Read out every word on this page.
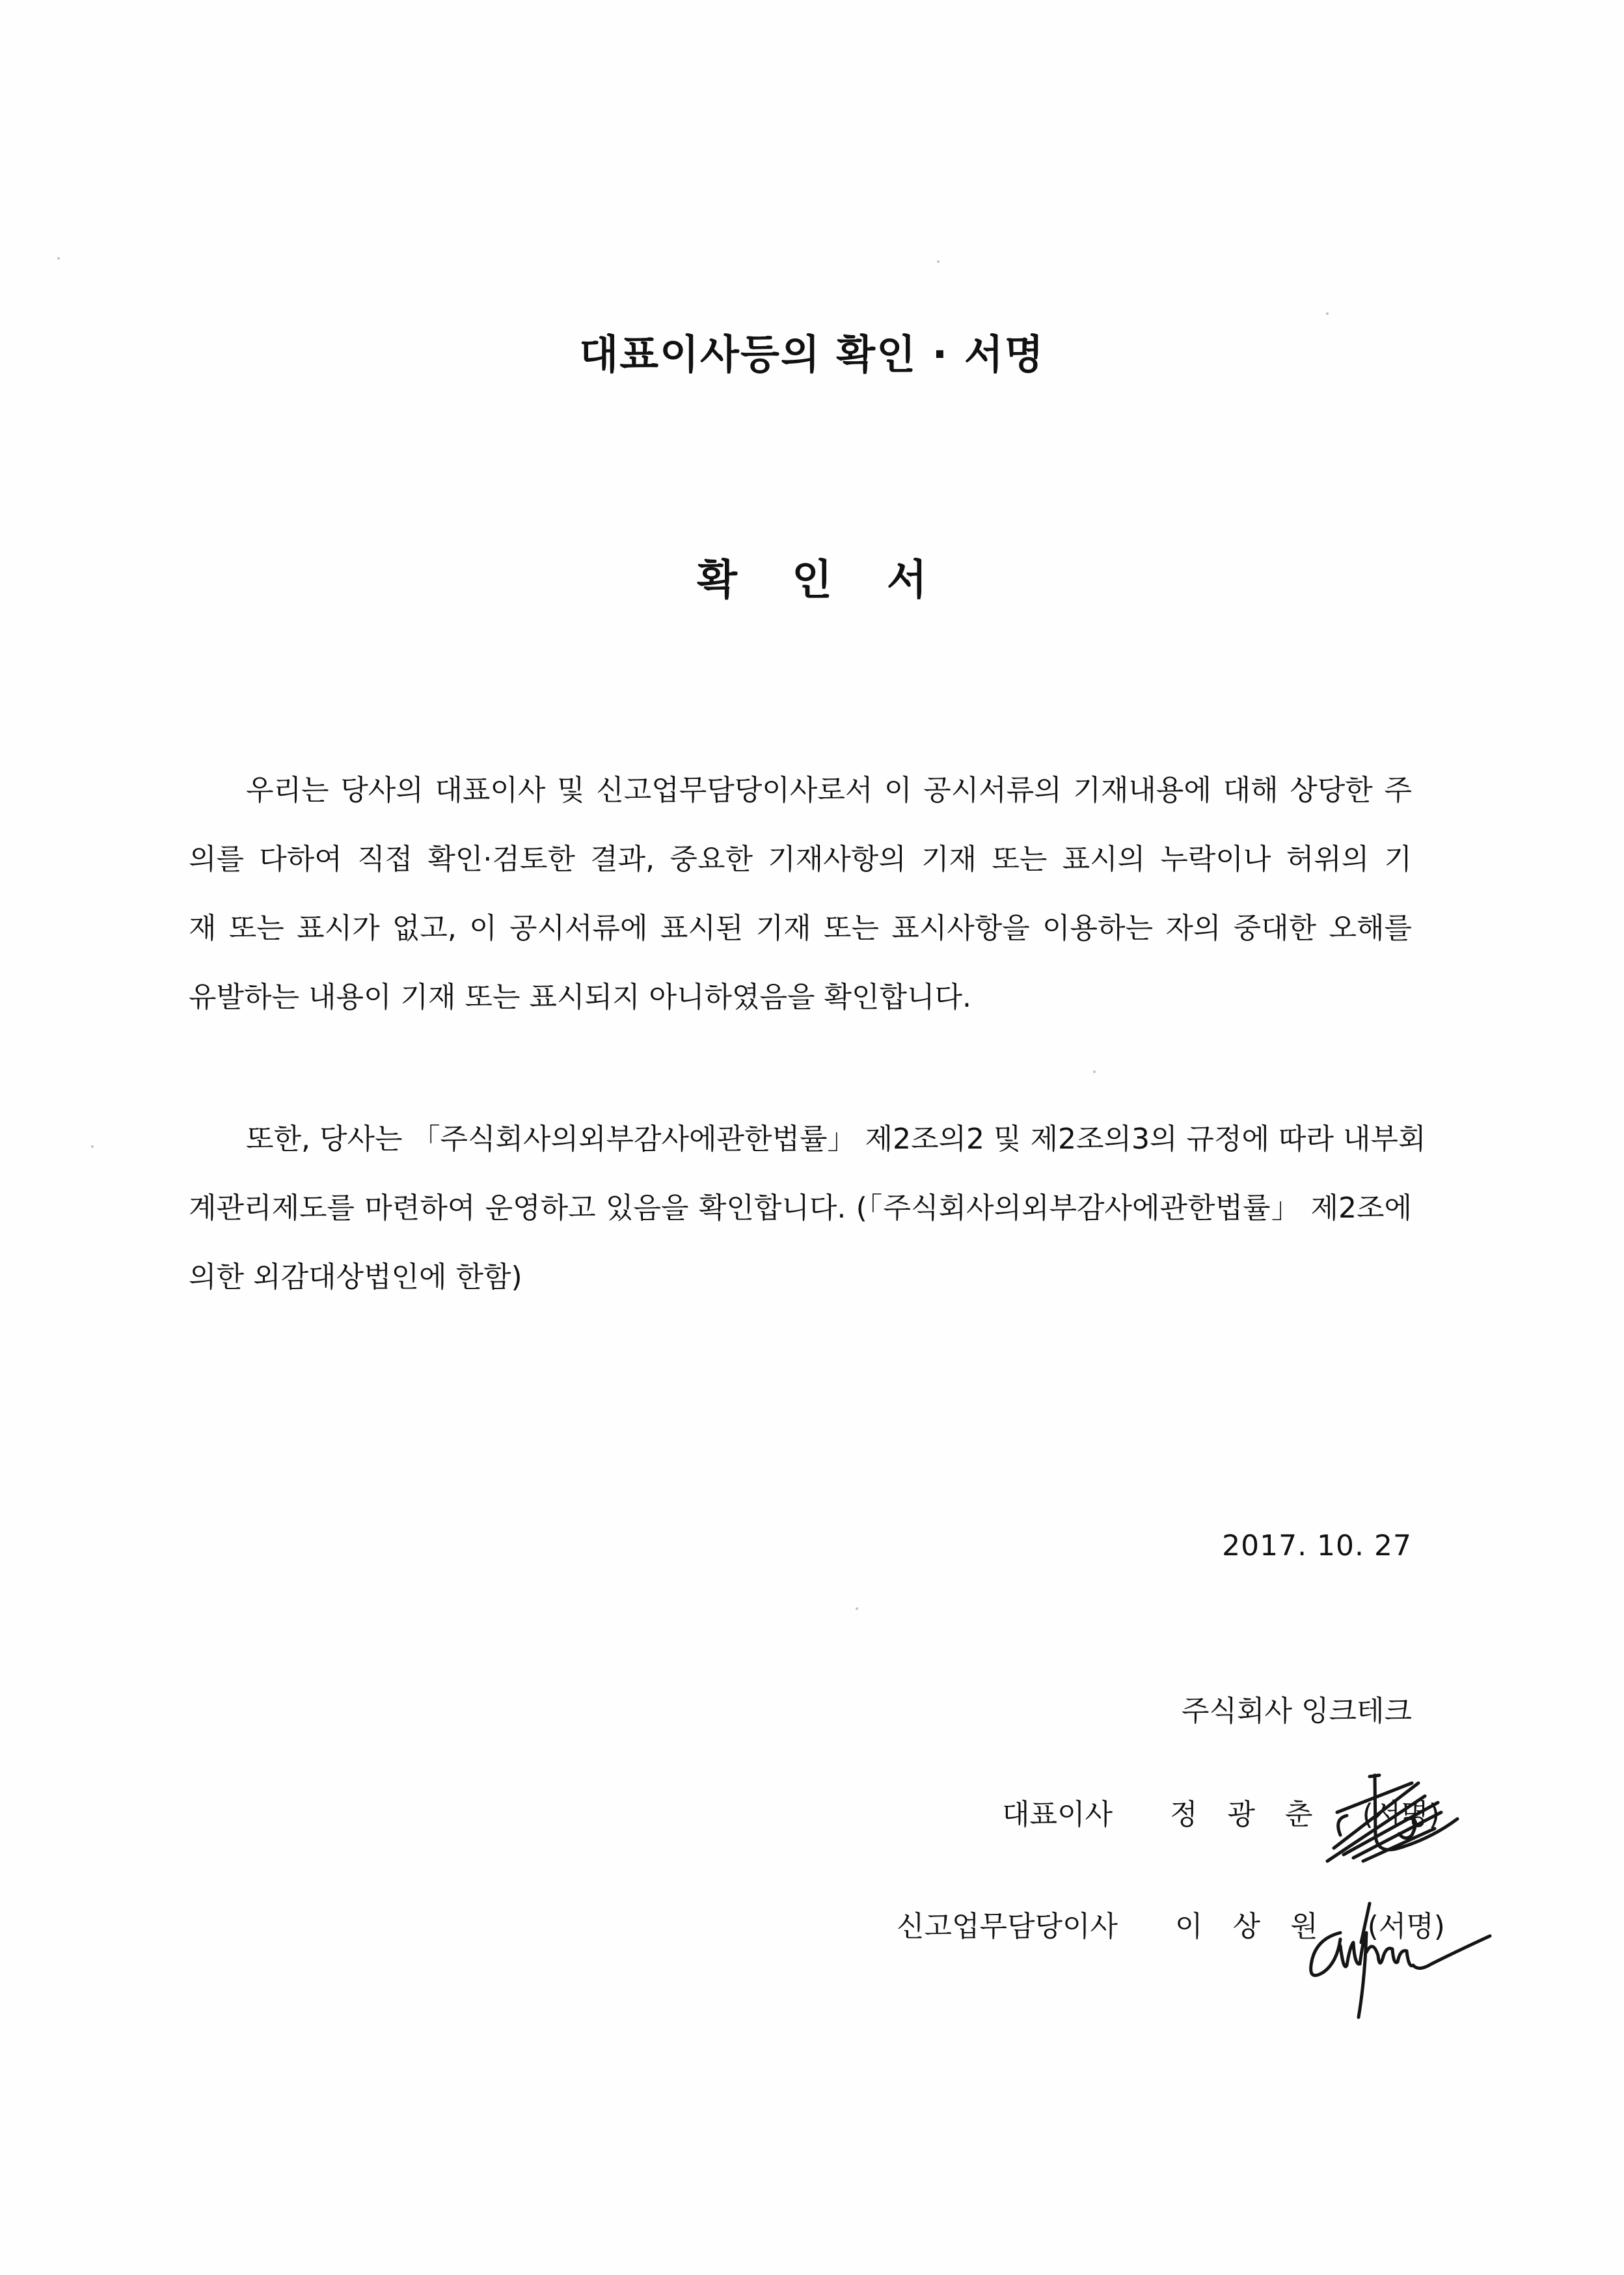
대표이사등의 확인 · 서명
확 인 서
우리는 당사의 대표이사 및 신고업무담당이사로서 이 공시서류의 기재내용에 대해 상당한 주
의를 다하여 직접 확인·검토한 결과, 중요한 기재사항의 기재 또는 표시의 누락이나 허위의 기
재 또는 표시가 없고, 이 공시서류에 표시된 기재 또는 표시사항을 이용하는 자의 중대한 오해를
유발하는 내용이 기재 또는 표시되지 아니하였음을 확인합니다.
또한, 당사는 「주식회사의외부감사에관한법률」 제2조의2 및 제2조의3의 규정에 따라 내부회
계관리제도를 마련하여 운영하고 있음을 확인합니다. (「주식회사의외부감사에관한법률」 제2조에
의한 외감대상법인에 한함)
2017. 10. 27
주식회사 잉크테크
대표이사 정 광 춘 (서명)
신고업무담당이사 이 상 원 (서명)
